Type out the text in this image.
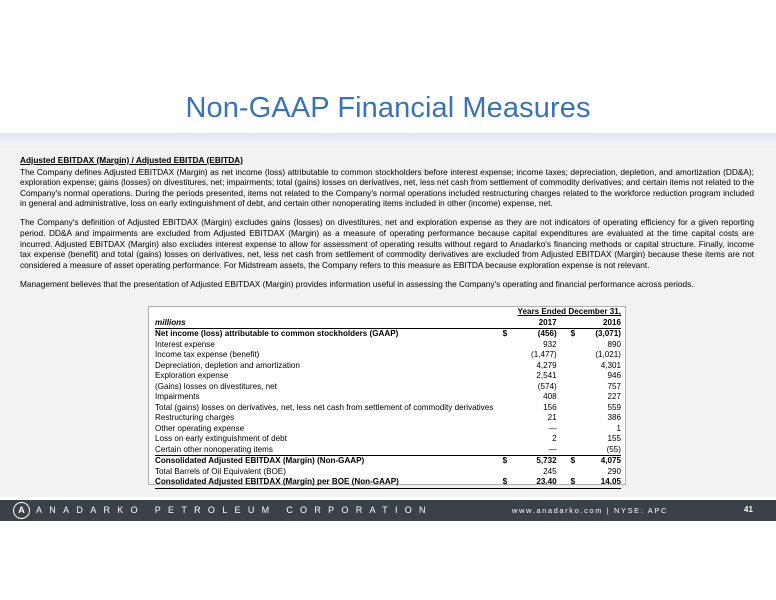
Non-GAAP Financial Measures
Adjusted EBITDAX (Margin) / Adjusted EBITDA (EBITDA)

The Company defines Adjusted EBITDAX (Margin) as net income (loss) attributable to common stockholders before interest expense; income taxes; depreciation, depletion, and amortization (DD&A); exploration expense; gains (losses) on divestitures, net; impairments; total (gains) losses on derivatives, net, less net cash from settlement of commodity derivatives; and certain items not related to the Company's normal operations. During the periods presented, items not related to the Company's normal operations included restructuring charges related to the workforce reduction program included in general and administrative, loss on early extinguishment of debt, and certain other nonoperating items included in other (income) expense, net.

The Company's definition of Adjusted EBITDAX (Margin) excludes gains (losses) on divestitures, net and exploration expense as they are not indicators of operating efficiency for a given reporting period. DD&A and impairments are excluded from Adjusted EBITDAX (Margin) as a measure of operating performance because capital expenditures are evaluated at the time capital costs are incurred. Adjusted EBITDAX (Margin) also excludes interest expense to allow for assessment of operating results without regard to Anadarko's financing methods or capital structure. Finally, income tax expense (benefit) and total (gains) losses on derivatives, net, less net cash from settlement of commodity derivatives are excluded from Adjusted EBITDAX (Margin) because these items are not considered a measure of asset operating performance. For Midstream assets, the Company refers to this measure as EBITDA because exploration expense is not relevant.

Management believes that the presentation of Adjusted EBITDAX (Margin) provides information useful in assessing the Company's operating and financial performance across periods.

	Years Ended December 31,			
millions		2017		2016
Net income (loss) attributable to common stockholders (GAAP)	$	(456)	$	(3,071)
Interest expense		932		890
Income tax expense (benefit)		(1,477)		(1,021)
Depreciation, depletion and amortization		4,279		4,301
Exploration expense		2,541		946
(Gains) losses on divestitures, net		(574)		757
Impairments		408		227
Total (gains) losses on derivatives, net, less net cash from settlement of commodity derivatives		156		559
Restructuring charges		21		386
Other operating expense		—		1
Loss on early extinguishment of debt		2		155
Certain other nonoperating items		—		(55)
Consolidated Adjusted EBITDAX (Margin) (Non-GAAP)	$	5,732	$	4,075
Total Barrels of Oil Equivalent (BOE)		245		290
Consolidated Adjusted EBITDAX (Margin) per BOE (Non-GAAP)	$	23.40	$	14.05
A	ANADARKO PETROLEUM CORPORATION	www.anadarko.com | NYSE: APC	41
